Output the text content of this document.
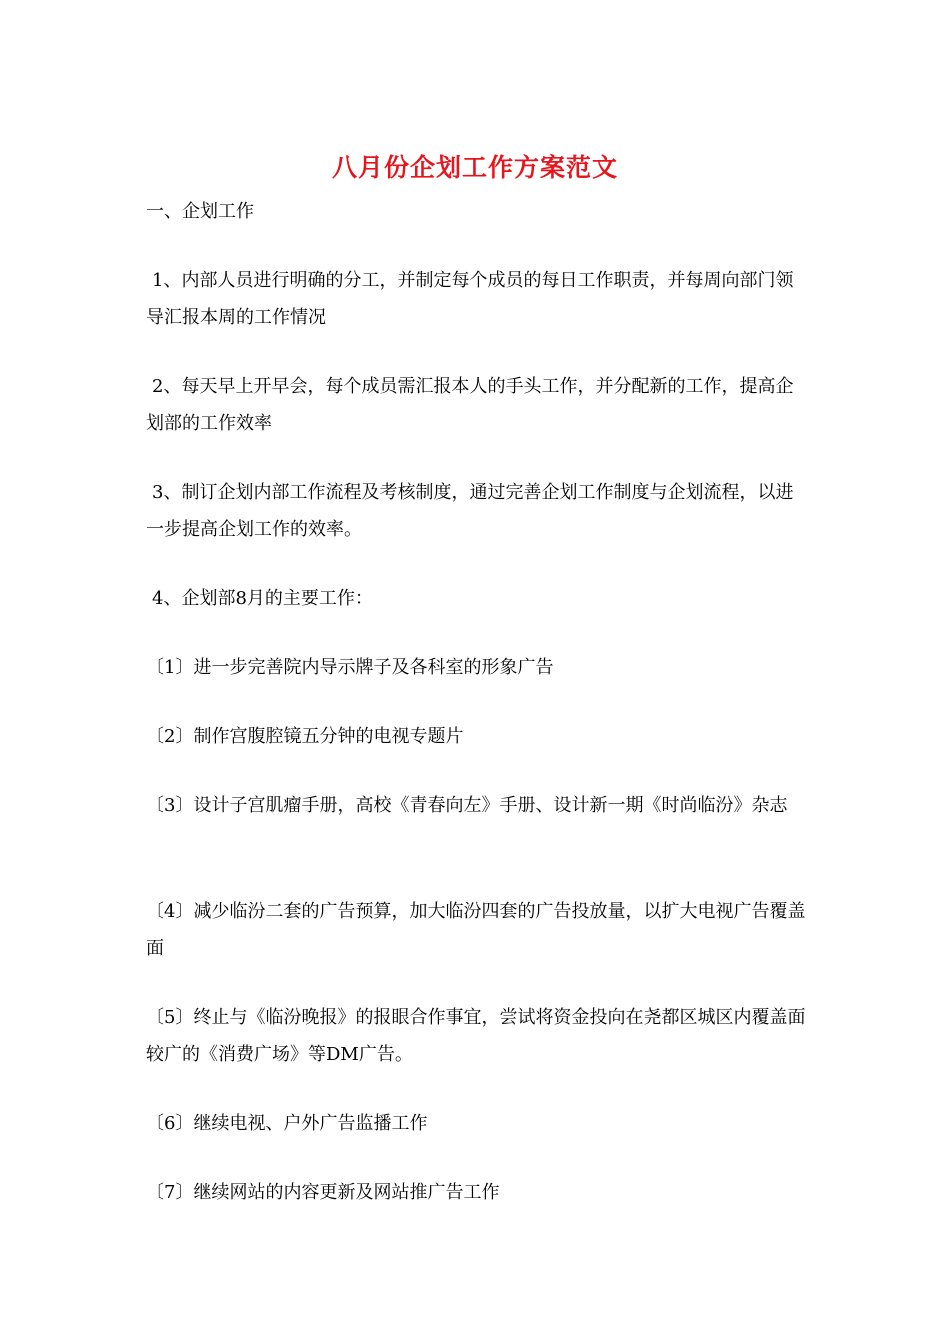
八月份企划工作方案范文
一、企划工作
1、内部人员进行明确的分工，并制定每个成员的每日工作职责，并每周向部门领导汇报本周的工作情况
2、每天早上开早会，每个成员需汇报本人的手头工作，并分配新的工作，提高企划部的工作效率
3、制订企划内部工作流程及考核制度，通过完善企划工作制度与企划流程，以进一步提高企划工作的效率。
4、企划部8月的主要工作：
〔1〕进一步完善院内导示牌子及各科室的形象广告
〔2〕制作宫腹腔镜五分钟的电视专题片
〔3〕设计子宫肌瘤手册，高校《青春向左》手册、设计新一期《时尚临汾》杂志
〔4〕减少临汾二套的广告预算，加大临汾四套的广告投放量，以扩大电视广告覆盖面
〔5〕终止与《临汾晚报》的报眼合作事宜，尝试将资金投向在尧都区城区内覆盖面较广的《消费广场》等DM广告。
〔6〕继续电视、户外广告监播工作
〔7〕继续网站的内容更新及网站推广告工作
